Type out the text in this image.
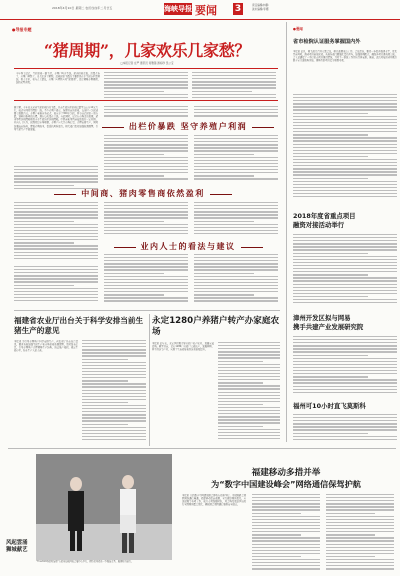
2018年4月10日 星期二 农历戊戌年二月廿五	海峡导报 要闻 3	责任编辑/林静
美术编辑/李娜
●导报专题
“猪周期”，几家欢乐几家愁？
□本报记者 庄严 通讯员 何雅镜 游标珍 吴公宝
今年春节过后，生猪价格一路下滑，养殖户叫苦不迭。猪肉价格走低，消费者乐了，养殖户却愁了。记者走访了解到，此轮猪价下跌的主要原因在于生猪存栏量增加、供大于求，业内人士建议，养殖户应理性应对“猪周期”，适度调整养殖规模，加快转型升级。
据了解，今年以来全省生猪价格持续下跌，目前生猪出栏价格已跌至每公斤10元左右，较去年同期下降约三成。不少养殖户表示，按照目前的价格，每出栏一头猪就要亏损数百元。养殖户老陈告诉记者，他家养了300多头猪，春节前后猪价一直在跌，饲料价格却没有降，现在每天都在亏钱。与此同时，记者在市场走访发现，猪肉零售价格降幅明显小于生猪出栏价格降幅，中间商和零售商依然保持一定利润。业内人士认为，猪周期是市场规律，养殖户应关注市场信息，合理安排生产，同时加强疫病防控，降低养殖成本，提高抗风险能力。相关部门也将加强监测预警，引导生猪生产平稳发展。	出栏价暴跌 坚守养殖户利润
中间商、猪肉零售商依然盈利
业内人士的看法与建议
福建省农业厅出台关于科学安排当前生猪生产的意见
本报讯 为引导养殖场户科学安排生产，省农业厅日前出台意见，要求各地加强生猪生产和市场价格监测预警，及时发布信息，引导养殖场户合理调整生产结构，淘汰低产母猪，稳定生猪存栏，防止生产大起大落。
永定1280户养猪户转产办家庭农场
本报讯 近年来，永定区积极引导养猪户转产转业，发展家庭农场。截至目前，已有1280户养猪户完成转产，发展种植、林下经济等产业，实现了生态效益和经济效益双提升。
●要闻
省市检院认证服务掌握国内外
本报讯 近日，相关部门召开专题会议，研究部署重点工作。会议指出，要进一步提升服务水平，优化营商环境，推动项目落地见效。各地各部门要强化责任担当，加强协调配合，确保各项任务按期完成。会上还通报了一季度重点项目推进情况，并对下一阶段工作作出具体安排。据悉，此次对接活动共吸引数十家金融机构参加，现场签约项目资金规模可观。
2018年度省重点项目
融资对接活动举行
漳州开发区拟与网易
携手共建产业发展研究院
福州可10小时直飞莫斯科
风起雲涌 狮城献艺
“TCL2018春夏时装周”在福州海峡国际会展中心举行，模特们身着新一季服装走秀，展现时尚魅力。
福建移动多措并举
为“数字中国建设峰会”网络通信保驾护航
本报讯 首届数字中国建设峰会即将在福州举行。为保障峰会期间网络通信畅通，福建移动提前部署，全力做好网络优化、应急保障等各项工作，成立专项保障团队，对会场及周边区域进行全面网络覆盖优化，确保峰会期间通信服务安全稳定。
